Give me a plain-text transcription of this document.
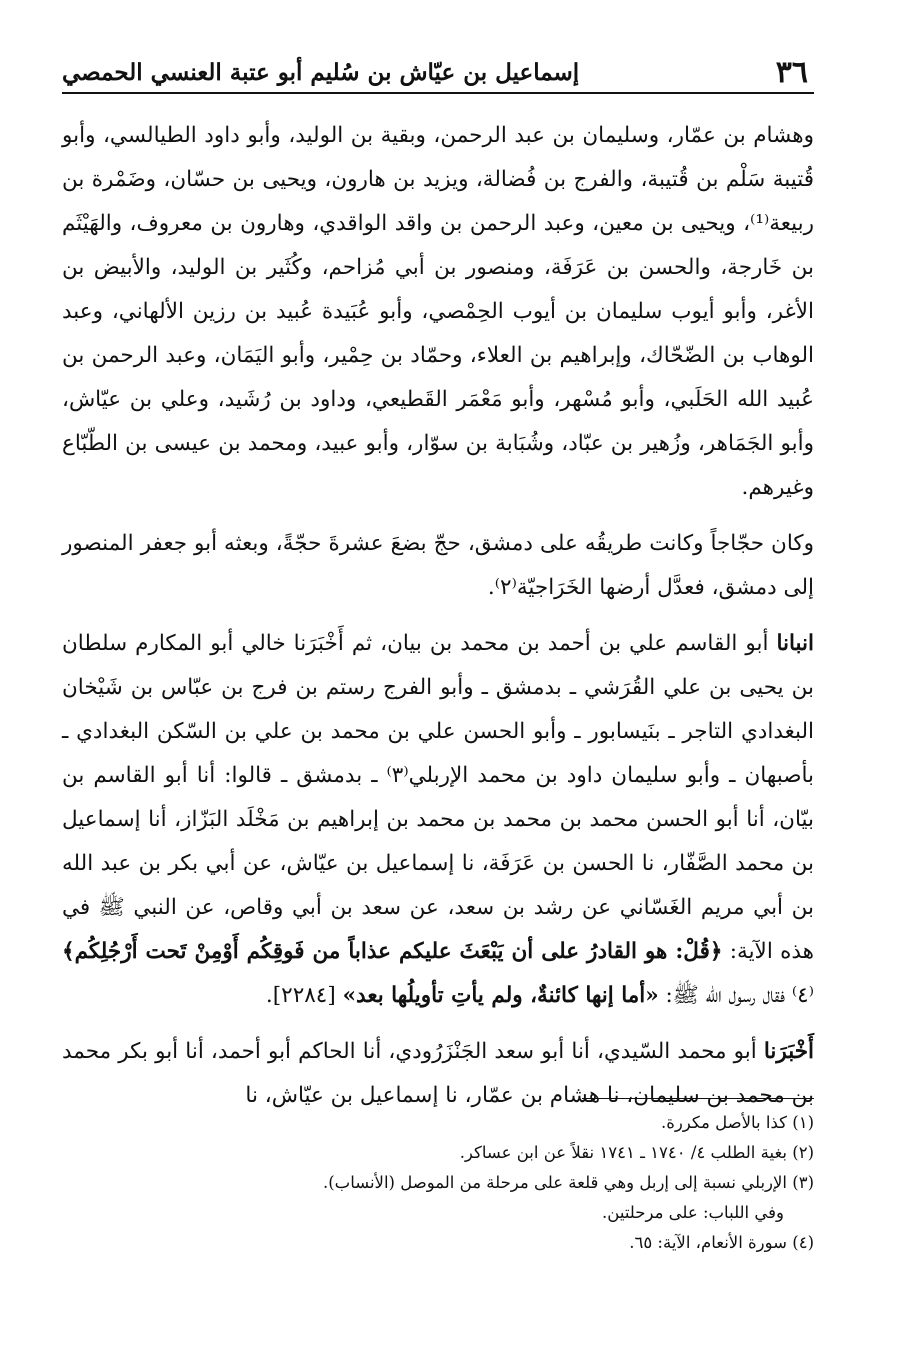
٣٦
إسماعيل بن عيّاش بن سُليم أبو عتبة العنسي الحمصي

وهشام بن عمّار، وسليمان بن عبد الرحمن، وبقية بن الوليد، وأبو داود الطيالسي، وأبو قُتيبة سَلْم بن قُتيبة، والفرج بن فُضالة، ويزيد بن هارون، ويحيى بن حسّان، وضَمْرة بن ربيعة⁽¹⁾، ويحيى بن معين، وعبد الرحمن بن واقد الواقدي، وهارون بن معروف، والهَيْثَم بن خَارجة، والحسن بن عَرَفَة، ومنصور بن أبي مُزاحم، وكُثَير بن الوليد، والأبيض بن الأغر، وأبو أيوب سليمان بن أيوب الحِمْصي، وأبو عُبَيدة عُبيد بن رزين الألهاني، وعبد الوهاب بن الضّحّاك، وإبراهيم بن العلاء، وحمّاد بن حِمْير، وأبو اليَمَان، وعبد الرحمن بن عُبيد الله الحَلَبي، وأبو مُسْهر، وأبو مَعْمَر القَطيعي، وداود بن رُشَيد، وعلي بن عيّاش، وأبو الجَمَاهر، وزُهير بن عبّاد، وشُبَابة بن سوّار، وأبو عبيد، ومحمد بن عيسى بن الطّبّاع وغيرهم.

وكان حجّاجاً وكانت طريقُه على دمشق، حجّ بضعَ عشرةَ حجّةً، وبعثه أبو جعفر المنصور إلى دمشق، فعدَّل أرضها الخَرَاجيّة⁽٢⁾.

انبانا أبو القاسم علي بن أحمد بن محمد بن بيان، ثم أَخْبَرَنا خالي أبو المكارم سلطان بن يحيى بن علي القُرَشي ـ بدمشق ـ وأبو الفرج رستم بن فرج بن عبّاس بن شَيْخان البغدادي التاجر ـ بنَيسابور ـ وأبو الحسن علي بن محمد بن علي بن السّكن البغدادي ـ بأصبهان ـ وأبو سليمان داود بن محمد الإربلي⁽٣⁾ ـ بدمشق ـ قالوا: أنا أبو القاسم بن بيّان، أنا أبو الحسن محمد بن محمد بن محمد بن إبراهيم بن مَخْلَد البَزّاز، أنا إسماعيل بن محمد الصَّفّار، نا الحسن بن عَرَفَة، نا إسماعيل بن عيّاش، عن أبي بكر بن عبد الله بن أبي مريم الغَسّاني عن رشد بن سعد، عن سعد بن أبي وقاص، عن النبي ﷺ في هذه الآية: ﴿قُلْ: هو القادرُ على أن يَبْعَثَ عليكم عذاباً من فَوقِكُم أَوْمِنْ تَحت أَرْجُلِكُم﴾ ⁽٤⁾ فقال رسول الله ﷺ: «أما إنها كائنةٌ، ولم يأتِ تأويلُها بعد» [٢٢٨٤].

أَخْبَرَنا أبو محمد السّيدي، أنا أبو سعد الجَنْزَرُودي، أنا الحاكم أبو أحمد، أنا أبو بكر محمد بن محمد بن سليمان، نا هشام بن عمّار، نا إسماعيل بن عيّاش، نا

(١) كذا بالأصل مكررة.

(٢) بغية الطلب ٤/ ١٧٤٠ ـ ١٧٤١ نقلاً عن ابن عساكر.

(٣) الإربلي نسبة إلى إربل وهي قلعة على مرحلة من الموصل (الأنساب).

وفي اللباب: على مرحلتين.

(٤) سورة الأنعام، الآية: ٦٥.
